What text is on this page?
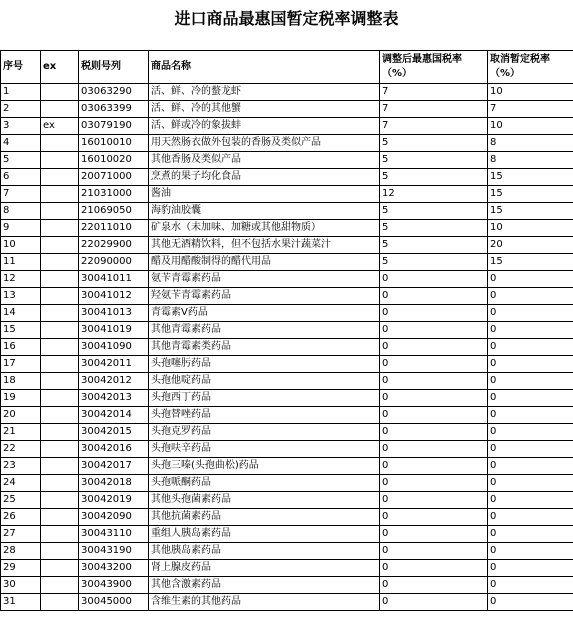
进口商品最惠国暂定税率调整表
序号	ex	税则号列	商品名称	调整后最惠国税率（%）	取消暂定税率（%）
1		03063290	活、鲜、冷的螯龙虾	7	10
2		03063399	活、鲜、冷的其他蟹	7	7
3	ex	03079190	活、鲜或冷的象拔蚌	7	10
4		16010010	用天然肠衣做外包装的香肠及类似产品	5	8
5		16010020	其他香肠及类似产品	5	8
6		20071000	烹煮的果子均化食品	5	15
7		21031000	酱油	12	15
8		21069050	海豹油胶囊	5	15
9		22011010	矿泉水（未加味、加糖或其他甜物质）	5	10
10		22029900	其他无酒精饮料，但不包括水果汁蔬菜汁	5	20
11		22090000	醋及用醋酸制得的醋代用品	5	15
12		30041011	氨苄青霉素药品	0	0
13		30041012	羟氨苄青霉素药品	0	0
14		30041013	青霉素V药品	0	0
15		30041019	其他青霉素药品	0	0
16		30041090	其他青霉素类药品	0	0
17		30042011	头孢噻肟药品	0	0
18		30042012	头孢他啶药品	0	0
19		30042013	头孢西丁药品	0	0
20		30042014	头孢替唑药品	0	0
21		30042015	头孢克罗药品	0	0
22		30042016	头孢呋辛药品	0	0
23		30042017	头孢三嗪(头孢曲松)药品	0	0
24		30042018	头孢哌酮药品	0	0
25		30042019	其他头孢菌素药品	0	0
26		30042090	其他抗菌素药品	0	0
27		30043110	重组人胰岛素药品	0	0
28		30043190	其他胰岛素药品	0	0
29		30043200	肾上腺皮药品	0	0
30		30043900	其他含激素药品	0	0
31		30045000	含维生素的其他药品	0	0
